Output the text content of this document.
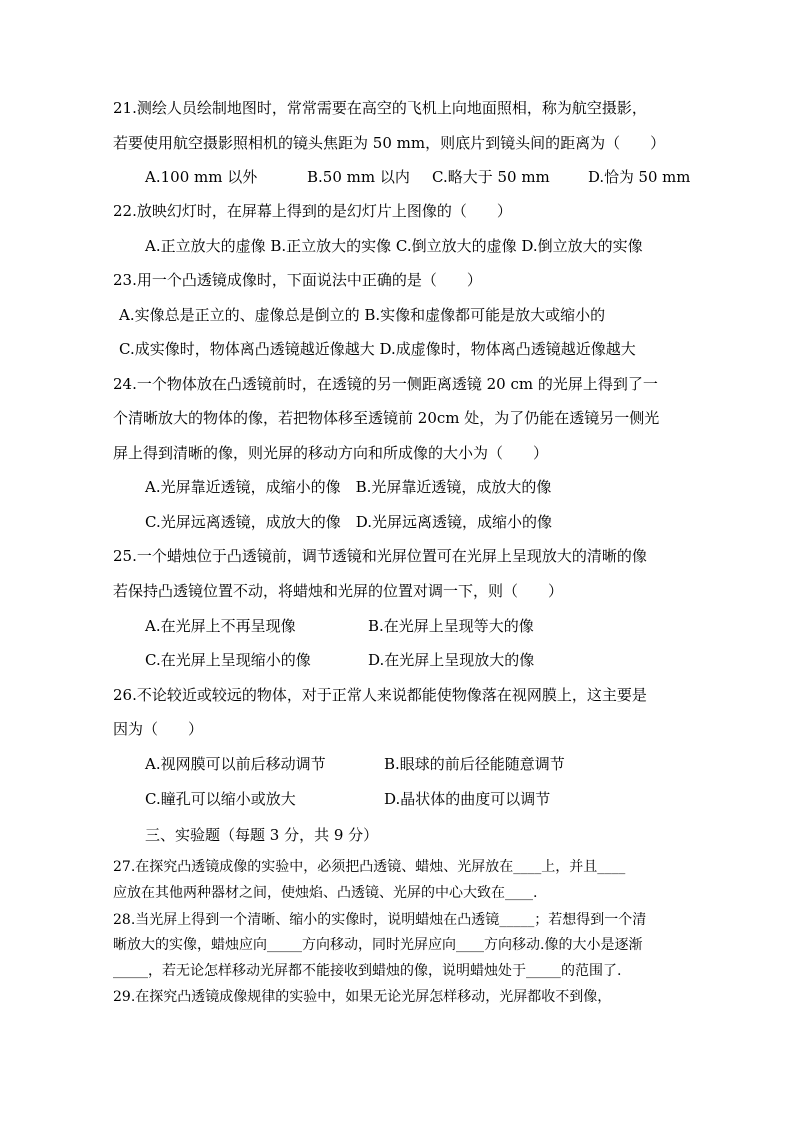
21.测绘人员绘制地图时，常常需要在高空的飞机上向地面照相，称为航空摄影，
若要使用航空摄影照相机的镜头焦距为 50 mm，则底片到镜头间的距离为（　　）
A.100 mm 以外	B.50 mm 以内 C.略大于 50 mm	D.恰为 50 mm
22.放映幻灯时，在屏幕上得到的是幻灯片上图像的（　　）
A.正立放大的虚像 B.正立放大的实像 C.倒立放大的虚像 D.倒立放大的实像
23.用一个凸透镜成像时，下面说法中正确的是（　　）
A.实像总是正立的、虚像总是倒立的 B.实像和虚像都可能是放大或缩小的
C.成实像时，物体离凸透镜越近像越大 D.成虚像时，物体离凸透镜越近像越大
24.一个物体放在凸透镜前时，在透镜的另一侧距离透镜 20 cm 的光屏上得到了一
个清晰放大的物体的像，若把物体移至透镜前 20cm 处，为了仍能在透镜另一侧光
屏上得到清晰的像，则光屏的移动方向和所成像的大小为（　　）
A.光屏靠近透镜，成缩小的像　B.光屏靠近透镜，成放大的像
C.光屏远离透镜，成放大的像　D.光屏远离透镜，成缩小的像
25.一个蜡烛位于凸透镜前，调节透镜和光屏位置可在光屏上呈现放大的清晰的像
若保持凸透镜位置不动，将蜡烛和光屏的位置对调一下，则（　　）
A.在光屏上不再呈现像	B.在光屏上呈现等大的像
C.在光屏上呈现缩小的像	D.在光屏上呈现放大的像
26.不论较近或较远的物体，对于正常人来说都能使物像落在视网膜上，这主要是
因为（　　）
A.视网膜可以前后移动调节	B.眼球的前后径能随意调节
C.瞳孔可以缩小或放大	D.晶状体的曲度可以调节
三、实验题（每题 3 分，共 9 分）
27.在探究凸透镜成像的实验中，必须把凸透镜、蜡烛、光屏放在____上，并且____
应放在其他两种器材之间，使烛焰、凸透镜、光屏的中心大致在____.
28.当光屏上得到一个清晰、缩小的实像时，说明蜡烛在凸透镜_____；若想得到一个清
晰放大的实像，蜡烛应向_____方向移动，同时光屏应向____方向移动.像的大小是逐渐
_____，若无论怎样移动光屏都不能接收到蜡烛的像，说明蜡烛处于_____的范围了.
29.在探究凸透镜成像规律的实验中，如果无论光屏怎样移动，光屏都收不到像，
